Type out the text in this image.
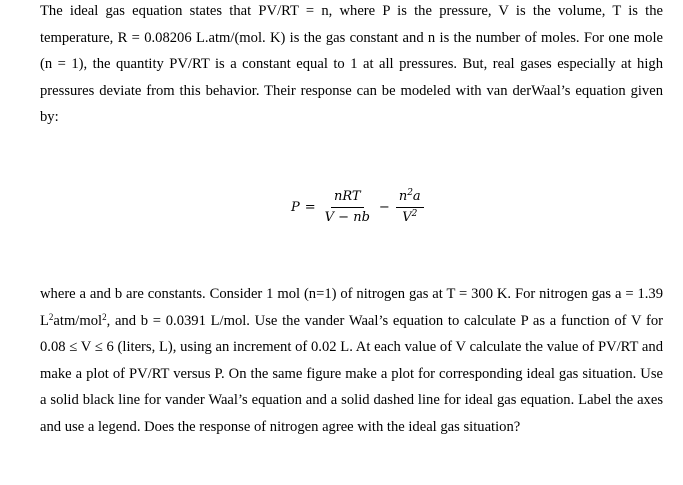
The ideal gas equation states that PV/RT = n, where P is the pressure, V is the volume, T is the temperature, R = 0.08206 L.atm/(mol. K) is the gas constant and n is the number of moles. For one mole (n = 1), the quantity PV/RT is a constant equal to 1 at all pressures. But, real gases especially at high pressures deviate from this behavior. Their response can be modeled with van derWaal’s equation given by:
$P = \frac{\text{nRT}}{V - nb} - \frac{n^2a}{V^2}$
where a and b are constants. Consider 1 mol (n=1) of nitrogen gas at T = 300 K. For nitrogen gas a = 1.39 $L^2atm/mol^2$, and b = 0.0391 L/mol. Use the vander Waal’s equation to calculate P as a function of V for 0.08 ≤ V ≤ 6 (liters, L), using an increment of 0.02 L. At each value of V calculate the value of PV/RT and make a plot of PV/RT versus P. On the same figure make a plot for corresponding ideal gas situation. Use a solid black line for vander Waal’s equation and a solid dashed line for ideal gas equation. Label the axes and use a legend. Does the response of nitrogen agree with the ideal gas situation?
